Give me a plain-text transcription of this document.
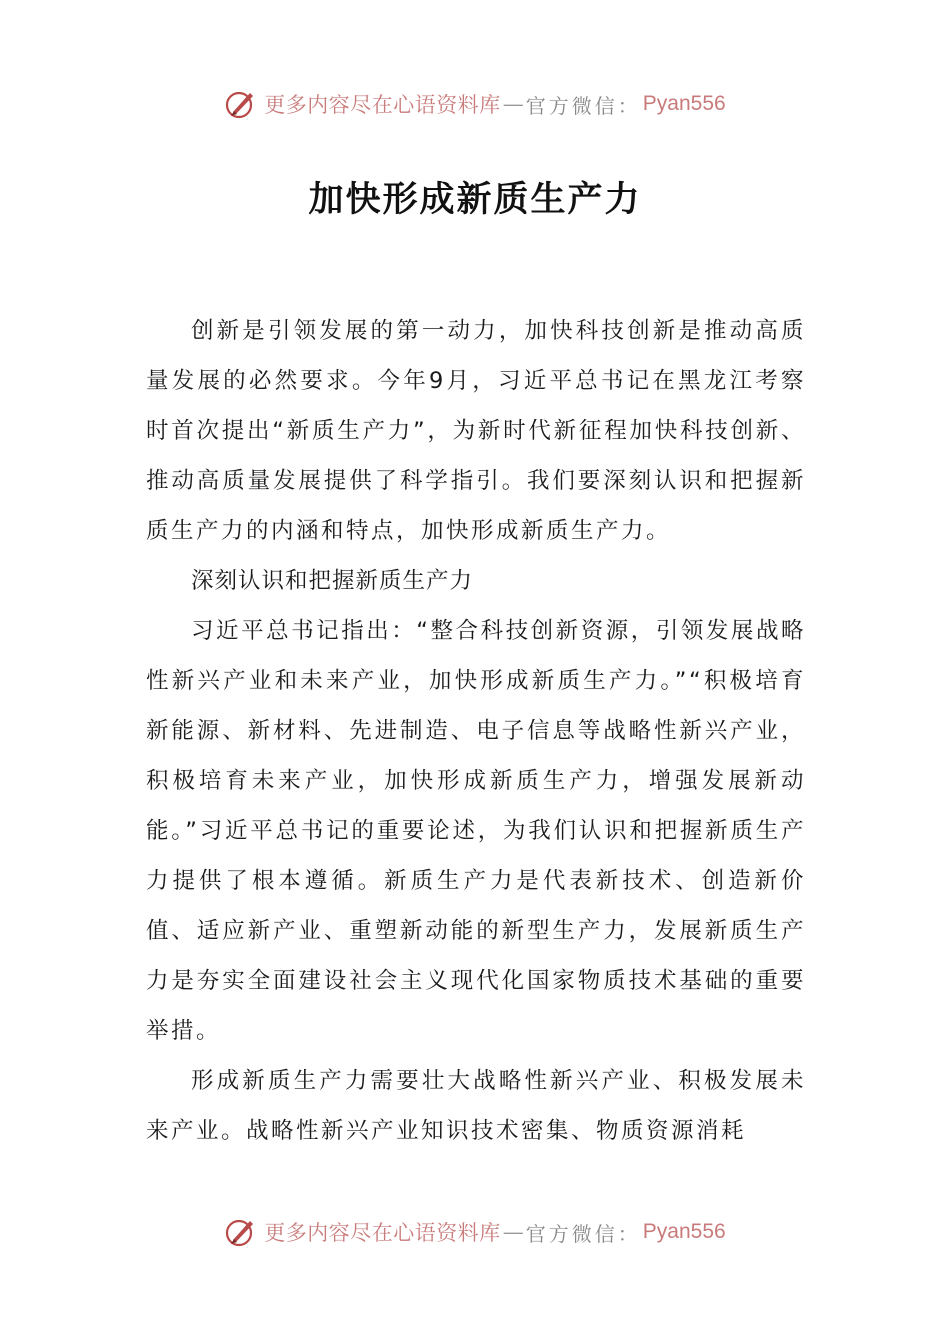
更多内容尽在心语资料库 — 官方微信： Pyan556
加快形成新质生产力

创新是引领发展的第一动力，加快科技创新是推动高质量发展的必然要求。今年9月，习近平总书记在黑龙江考察时首次提出“新质生产力”，为新时代新征程加快科技创新、推动高质量发展提供了科学指引。我们要深刻认识和把握新质生产力的内涵和特点，加快形成新质生产力。

深刻认识和把握新质生产力

习近平总书记指出：“整合科技创新资源，引领发展战略性新兴产业和未来产业，加快形成新质生产力。”“积极培育新能源、新材料、先进制造、电子信息等战略性新兴产业，积极培育未来产业，加快形成新质生产力，增强发展新动能。”习近平总书记的重要论述，为我们认识和把握新质生产力提供了根本遵循。新质生产力是代表新技术、创造新价值、适应新产业、重塑新动能的新型生产力，发展新质生产力是夯实全面建设社会主义现代化国家物质技术基础的重要举措。

形成新质生产力需要壮大战略性新兴产业、积极发展未来产业。战略性新兴产业知识技术密集、物质资源消耗

更多内容尽在心语资料库 — 官方微信： Pyan556
